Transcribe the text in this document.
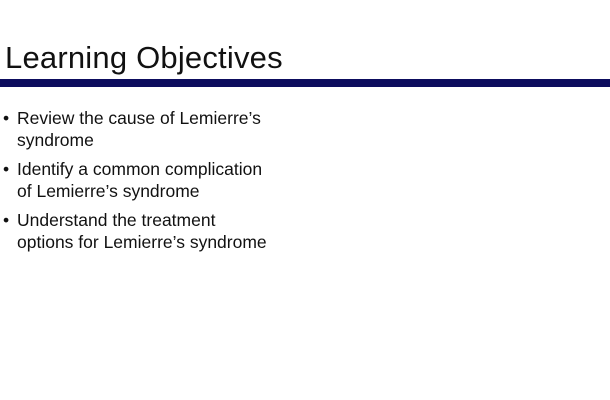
Learning Objectives
• Review the cause of Lemierre’s
syndrome
• Identify a common complication
of Lemierre’s syndrome
• Understand the treatment
options for Lemierre’s syndrome
